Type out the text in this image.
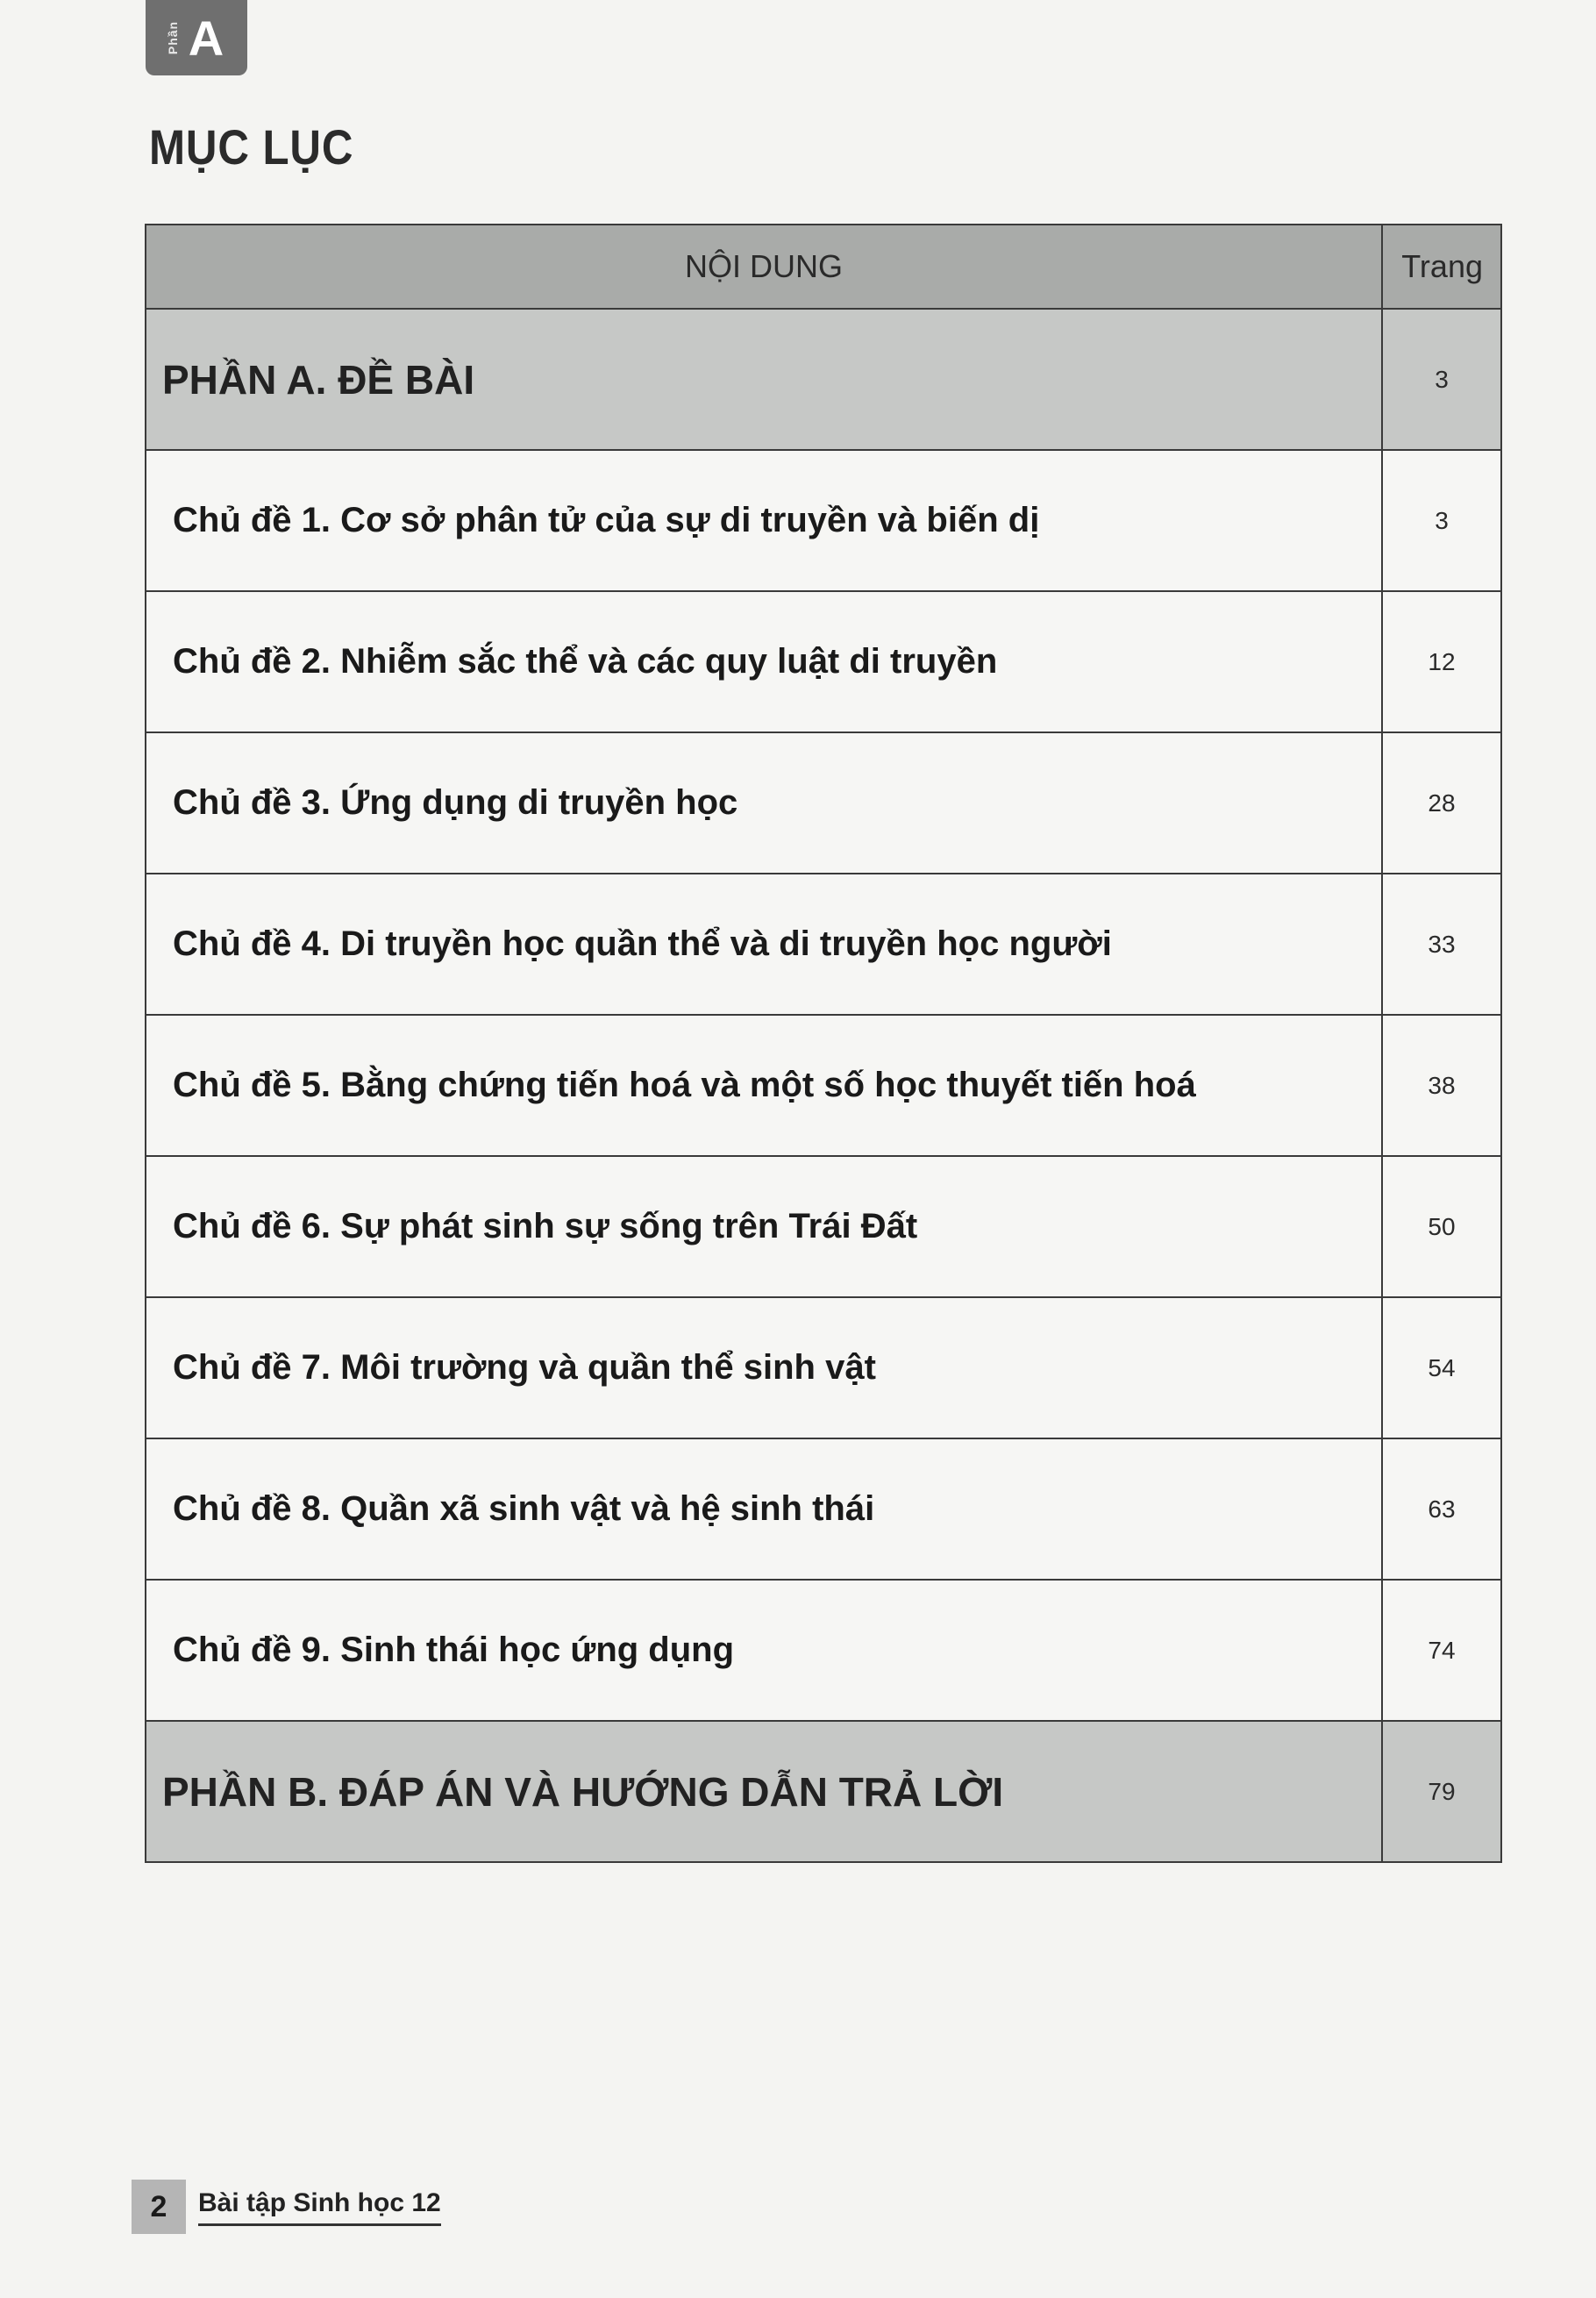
Phần A
MỤC LỤC
NỘI DUNG	Trang
PHẦN A. ĐỀ BÀI	3
Chủ đề 1. Cơ sở phân tử của sự di truyền và biến dị	3
Chủ đề 2. Nhiễm sắc thể và các quy luật di truyền	12
Chủ đề 3. Ứng dụng di truyền học	28
Chủ đề 4. Di truyền học quần thể và di truyền học người	33
Chủ đề 5. Bằng chứng tiến hoá và một số học thuyết tiến hoá	38
Chủ đề 6. Sự phát sinh sự sống trên Trái Đất	50
Chủ đề 7. Môi trường và quần thể sinh vật	54
Chủ đề 8. Quần xã sinh vật và hệ sinh thái	63
Chủ đề 9. Sinh thái học ứng dụng	74
PHẦN B. ĐÁP ÁN VÀ HƯỚNG DẪN TRẢ LỜI	79
2	Bài tập Sinh học 12
